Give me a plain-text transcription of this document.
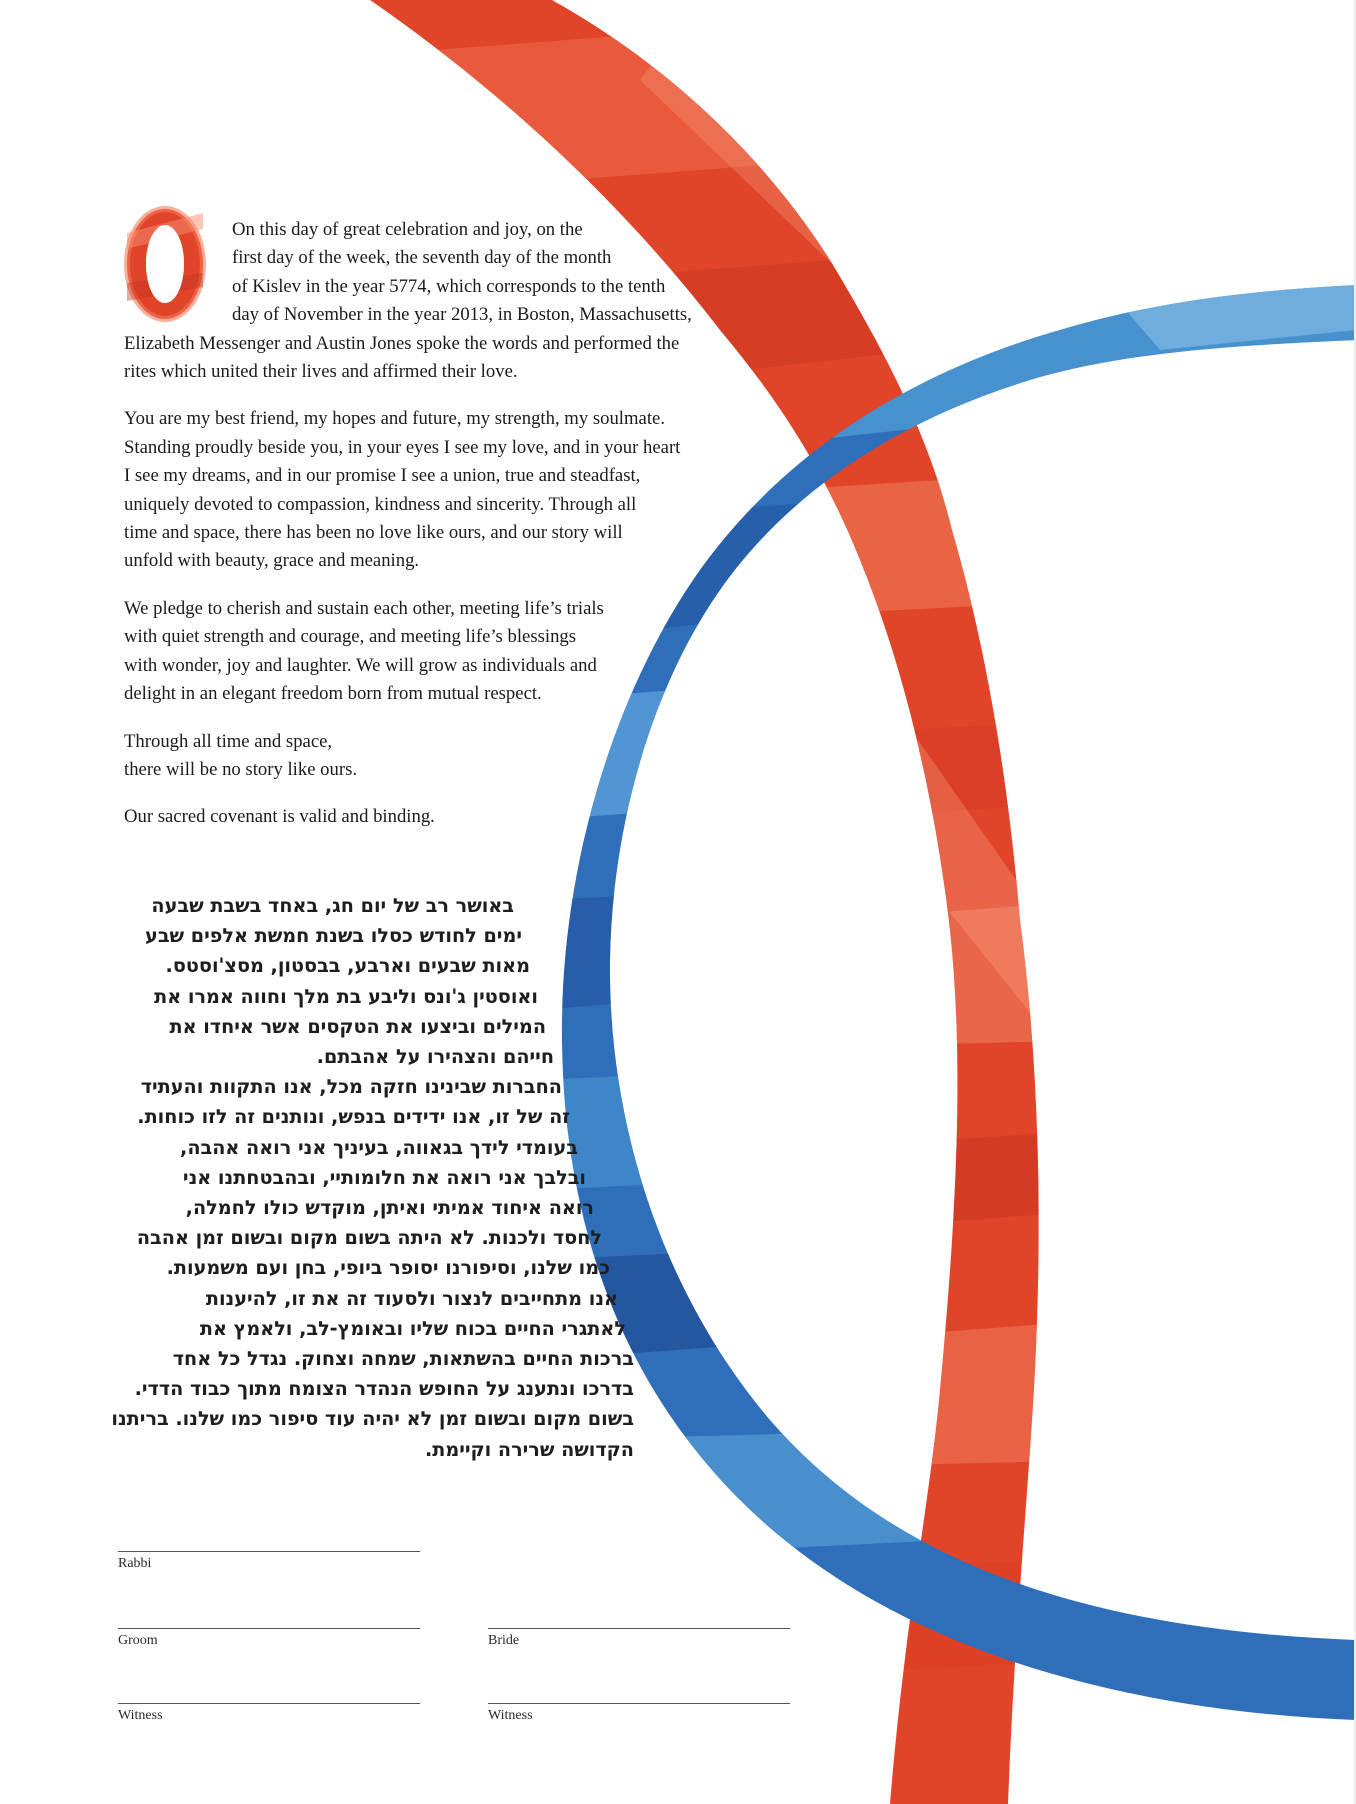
On this day of great celebration and joy, on the
first day of the week, the seventh day of the month
of Kislev in the year 5774, which corresponds to the tenth
day of November in the year 2013, in Boston, Massachusetts,
Elizabeth Messenger and Austin Jones spoke the words and performed the
rites which united their lives and affirmed their love.

You are my best friend, my hopes and future, my strength, my soulmate.
Standing proudly beside you, in your eyes I see my love, and in your heart
I see my dreams, and in our promise I see a union, true and steadfast,
uniquely devoted to compassion, kindness and sincerity. Through all
time and space, there has been no love like ours, and our story will
unfold with beauty, grace and meaning.

We pledge to cherish and sustain each other, meeting life’s trials
with quiet strength and courage, and meeting life’s blessings
with wonder, joy and laughter. We will grow as individuals and
delight in an elegant freedom born from mutual respect.

Through all time and space,
there will be no story like ours.

Our sacred covenant is valid and binding.

באושר רב של יום חג, באחד בשבת שבעה
ימים לחודש כסלו בשנת חמשת אלפים שבע
מאות שבעים וארבע, בבסטון, מסצ'וסטס.
ואוסטין ג'ונס וליבע בת מלך וחווה אמרו את
המילים וביצעו את הטקסים אשר איחדו את
חייהם והצהירו על אהבתם.
החברות שבינינו חזקה מכל, אנו התקוות והעתיד
זה של זו, אנו ידידים בנפש, ונותנים זה לזו כוחות.
בעומדי לידך בגאווה, בעיניך אני רואה אהבה,
ובלבך אני רואה את חלומותיי, ובהבטחתנו אני
רואה איחוד אמיתי ואיתן, מוקדש כולו לחמלה,
לחסד ולכנות. לא היתה בשום מקום ובשום זמן אהבה
כמו שלנו, וסיפורנו יסופר ביופי, בחן ועם משמעות.
אנו מתחייבים לנצור ולסעוד זה את זו, להיענות
לאתגרי החיים בכוח שליו ובאומץ-לב, ולאמץ את
ברכות החיים בהשתאות, שמחה וצחוק. נגדל כל אחד
בדרכו ונתענג על החופש הנהדר הצומח מתוך כבוד הדדי.
בשום מקום ובשום זמן לא יהיה עוד סיפור כמו שלנו. בריתנו
הקדושה שרירה וקיימת.
Rabbi
Groom	Bride
Witness	Witness
